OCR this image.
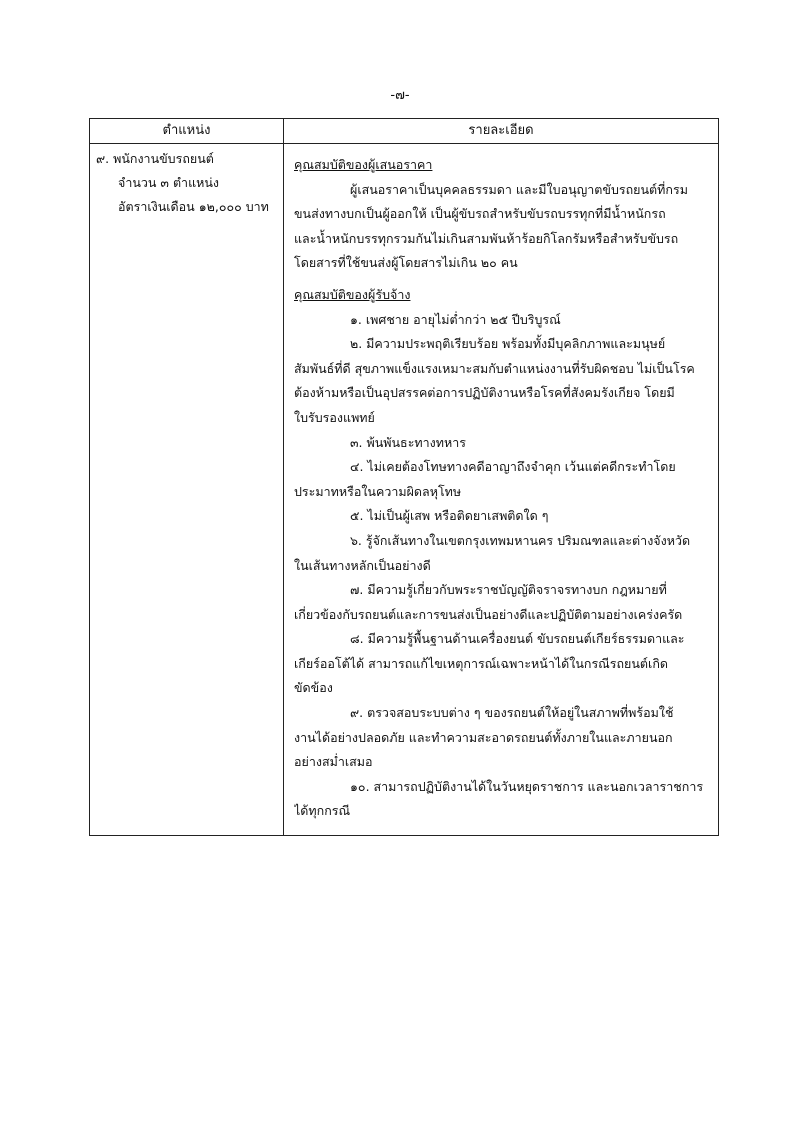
-๗-
ตำแหน่ง	รายละเอียด
๙. พนักงานขับรถยนต์
จำนวน ๓ ตำแหน่ง
อัตราเงินเดือน ๑๒,๐๐๐ บาท
คุณสมบัติของผู้เสนอราคา
ผู้เสนอราคาเป็นบุคคลธรรมดา และมีใบอนุญาตขับรถยนต์ที่กรม
ขนส่งทางบกเป็นผู้ออกให้ เป็นผู้ขับรถสำหรับขับรถบรรทุกที่มีน้ำหนักรถ
และน้ำหนักบรรทุกรวมกันไม่เกินสามพันห้าร้อยกิโลกรัมหรือสำหรับขับรถ
โดยสารที่ใช้ขนส่งผู้โดยสารไม่เกิน ๒๐ คน
คุณสมบัติของผู้รับจ้าง
๑. เพศชาย อายุไม่ต่ำกว่า ๒๕ ปีบริบูรณ์
๒. มีความประพฤติเรียบร้อย พร้อมทั้งมีบุคลิกภาพและมนุษย์
สัมพันธ์ที่ดี สุขภาพแข็งแรงเหมาะสมกับตำแหน่งงานที่รับผิดชอบ ไม่เป็นโรค
ต้องห้ามหรือเป็นอุปสรรคต่อการปฏิบัติงานหรือโรคที่สังคมรังเกียจ โดยมี
ใบรับรองแพทย์
๓. พ้นพันธะทางทหาร
๔. ไม่เคยต้องโทษทางคดีอาญาถึงจำคุก เว้นแต่คดีกระทำโดย
ประมาทหรือในความผิดลหุโทษ
๕. ไม่เป็นผู้เสพ หรือติดยาเสพติดใด ๆ
๖. รู้จักเส้นทางในเขตกรุงเทพมหานคร ปริมณฑลและต่างจังหวัด
ในเส้นทางหลักเป็นอย่างดี
๗. มีความรู้เกี่ยวกับพระราชบัญญัติจราจรทางบก กฎหมายที่
เกี่ยวข้องกับรถยนต์และการขนส่งเป็นอย่างดีและปฏิบัติตามอย่างเคร่งครัด
๘. มีความรู้พื้นฐานด้านเครื่องยนต์ ขับรถยนต์เกียร์ธรรมดาและ
เกียร์ออโต้ได้ สามารถแก้ไขเหตุการณ์เฉพาะหน้าได้ในกรณีรถยนต์เกิด
ขัดข้อง
๙. ตรวจสอบระบบต่าง ๆ ของรถยนต์ให้อยู่ในสภาพที่พร้อมใช้
งานได้อย่างปลอดภัย และทำความสะอาดรถยนต์ทั้งภายในและภายนอก
อย่างสม่ำเสมอ
๑๐. สามารถปฏิบัติงานได้ในวันหยุดราชการ และนอกเวลาราชการ
ได้ทุกกรณี
